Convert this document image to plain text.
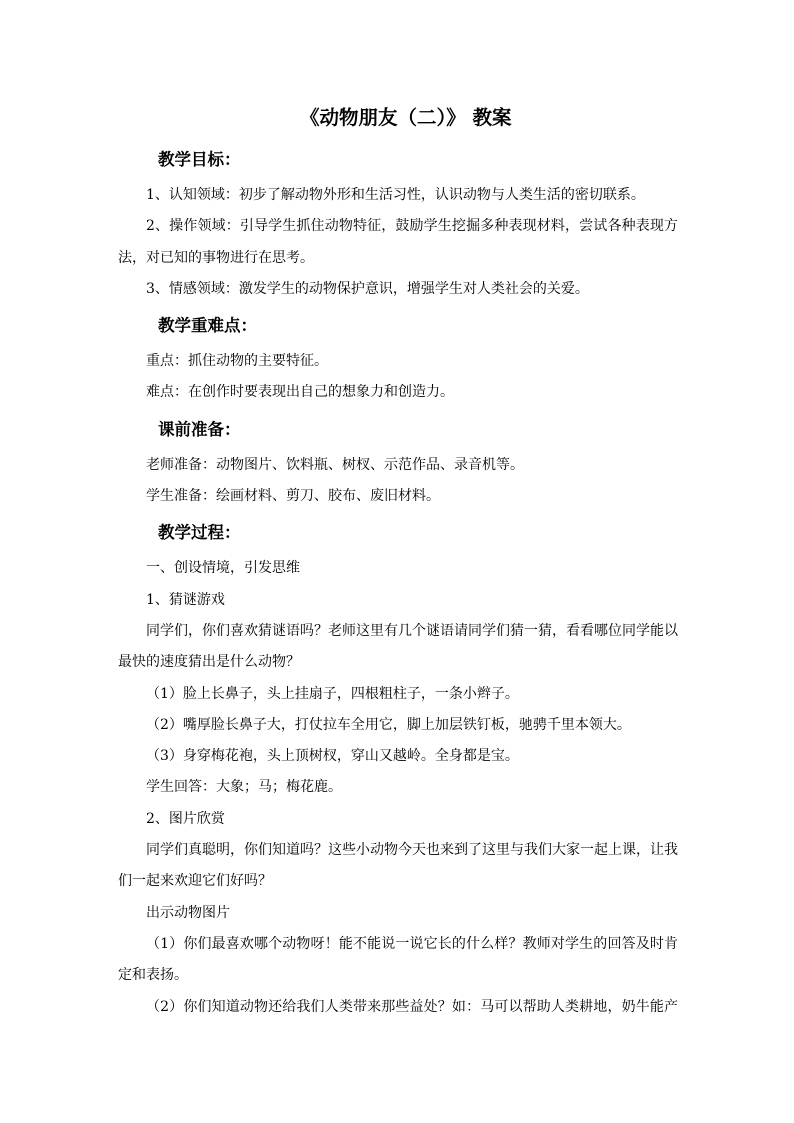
《动物朋友（二）》 教案
教学目标：
1、认知领域：初步了解动物外形和生活习性，认识动物与人类生活的密切联系。
2、操作领域：引导学生抓住动物特征，鼓励学生挖掘多种表现材料，尝试各种表现方
法，对已知的事物进行在思考。
3、情感领域：激发学生的动物保护意识，增强学生对人类社会的关爱。
教学重难点：
重点：抓住动物的主要特征。
难点：在创作时要表现出自己的想象力和创造力。
课前准备：
老师准备：动物图片、饮料瓶、树杈、示范作品、录音机等。
学生准备：绘画材料、剪刀、胶布、废旧材料。
教学过程：
一、创设情境，引发思维
1、猜谜游戏
同学们，你们喜欢猜谜语吗？老师这里有几个谜语请同学们猜一猜，看看哪位同学能以
最快的速度猜出是什么动物？
（1）脸上长鼻子，头上挂扇子，四根粗柱子，一条小辫子。
（2）嘴厚脸长鼻子大，打仗拉车全用它，脚上加层铁钉板，驰骋千里本领大。
（3）身穿梅花袍，头上顶树杈，穿山又越岭。全身都是宝。
学生回答：大象；马；梅花鹿。
2、图片欣赏
同学们真聪明，你们知道吗？这些小动物今天也来到了这里与我们大家一起上课，让我
们一起来欢迎它们好吗？
出示动物图片
（1）你们最喜欢哪个动物呀！能不能说一说它长的什么样？教师对学生的回答及时肯
定和表扬。
（2）你们知道动物还给我们人类带来那些益处？如：马可以帮助人类耕地，奶牛能产
